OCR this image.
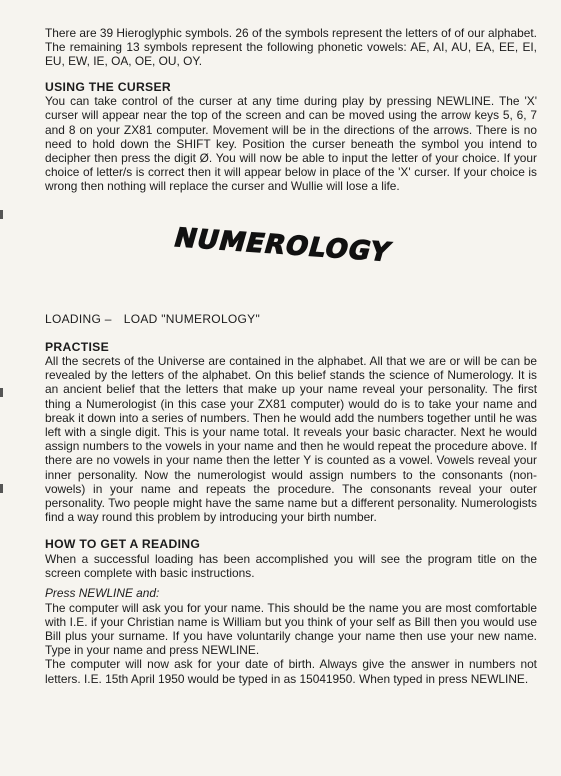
There are 39 Hieroglyphic symbols. 26 of the symbols represent the letters of of our alphabet. The remaining 13 symbols represent the following phonetic vowels: AE, AI, AU, EA, EE, EI, EU, EW, IE, OA, OE, OU, OY.

USING THE CURSER

You can take control of the curser at any time during play by pressing NEWLINE. The 'X' curser will appear near the top of the screen and can be moved using the arrow keys 5, 6, 7 and 8 on your ZX81 computer. Movement will be in the directions of the arrows. There is no need to hold down the SHIFT key. Position the curser beneath the symbol you intend to decipher then press the digit Ø. You will now be able to input the letter of your choice. If your choice of letter/s is correct then it will appear below in place of the 'X' curser. If your choice is wrong then nothing will replace the curser and Wullie will lose a life.

NUMEROLOGY
LOADING – LOAD "NUMEROLOGY"
PRACTISE

All the secrets of the Universe are contained in the alphabet. All that we are or will be can be revealed by the letters of the alphabet. On this belief stands the science of Numerology. It is an ancient belief that the letters that make up your name reveal your personality. The first thing a Numerologist (in this case your ZX81 computer) would do is to take your name and break it down into a series of numbers. Then he would add the numbers together until he was left with a single digit. This is your name total. It reveals your basic character. Next he would assign numbers to the vowels in your name and then he would repeat the procedure above. If there are no vowels in your name then the letter Y is counted as a vowel. Vowels reveal your inner personality. Now the numerologist would assign numbers to the consonants (non-vowels) in your name and repeats the procedure. The consonants reveal your outer personality. Two people might have the same name but a different personality. Numerologists find a way round this problem by introducing your birth number.

HOW TO GET A READING

When a successful loading has been accomplished you will see the program title on the screen complete with basic instructions.

Press NEWLINE and:

The computer will ask you for your name. This should be the name you are most comfortable with I.E. if your Christian name is William but you think of your self as Bill then you would use Bill plus your surname. If you have voluntarily change your name then use your new name. Type in your name and press NEWLINE.

The computer will now ask for your date of birth. Always give the answer in numbers not letters. I.E. 15th April 1950 would be typed in as 15041950. When typed in press NEWLINE.
